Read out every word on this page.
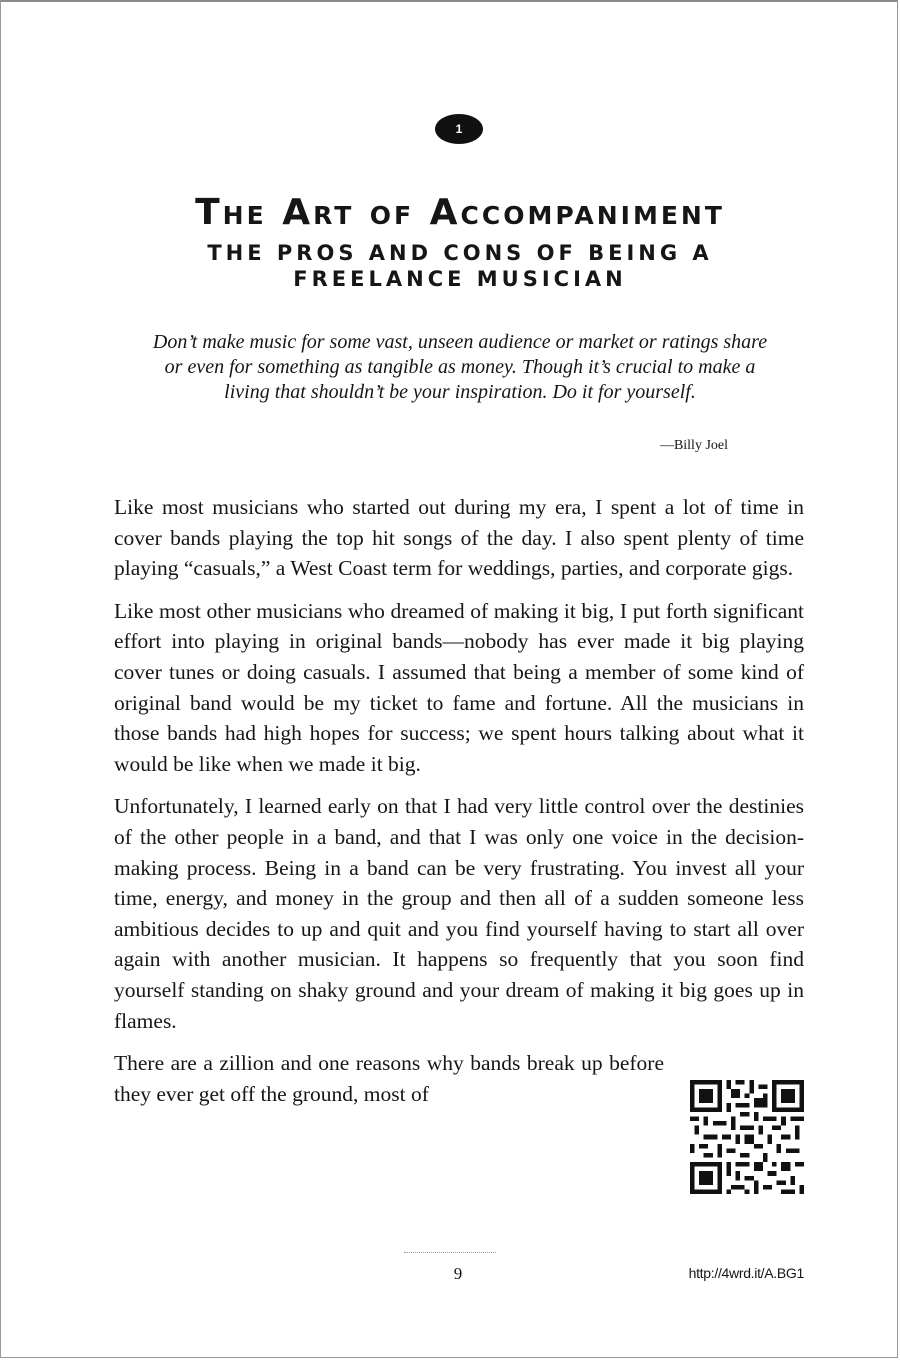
1
The Art of Accompaniment
THE PROS AND CONS OF BEING A FREELANCE MUSICIAN
Don’t make music for some vast, unseen audience or market or ratings share or even for something as tangible as money. Though it’s crucial to make a living that shouldn’t be your inspiration. Do it for yourself.
—Billy Joel

Like most musicians who started out during my era, I spent a lot of time in cover bands playing the top hit songs of the day. I also spent plenty of time playing “casuals,” a West Coast term for weddings, parties, and corporate gigs.

Like most other musicians who dreamed of making it big, I put forth significant effort into playing in original bands—nobody has ever made it big playing cover tunes or doing casuals. I assumed that being a member of some kind of original band would be my ticket to fame and fortune. All the musicians in those bands had high hopes for success; we spent hours talking about what it would be like when we made it big.

Unfortunately, I learned early on that I had very little control over the destinies of the other people in a band, and that I was only one voice in the decision-making process. Being in a band can be very frustrating. You invest all your time, energy, and money in the group and then all of a sudden someone less ambitious decides to up and quit and you find yourself having to start all over again with another musician. It happens so frequently that you soon find yourself standing on shaky ground and your dream of making it big goes up in flames.

There are a zillion and one reasons why bands break up before they ever get off the ground, most of

9	http://4wrd.it/A.BG1
